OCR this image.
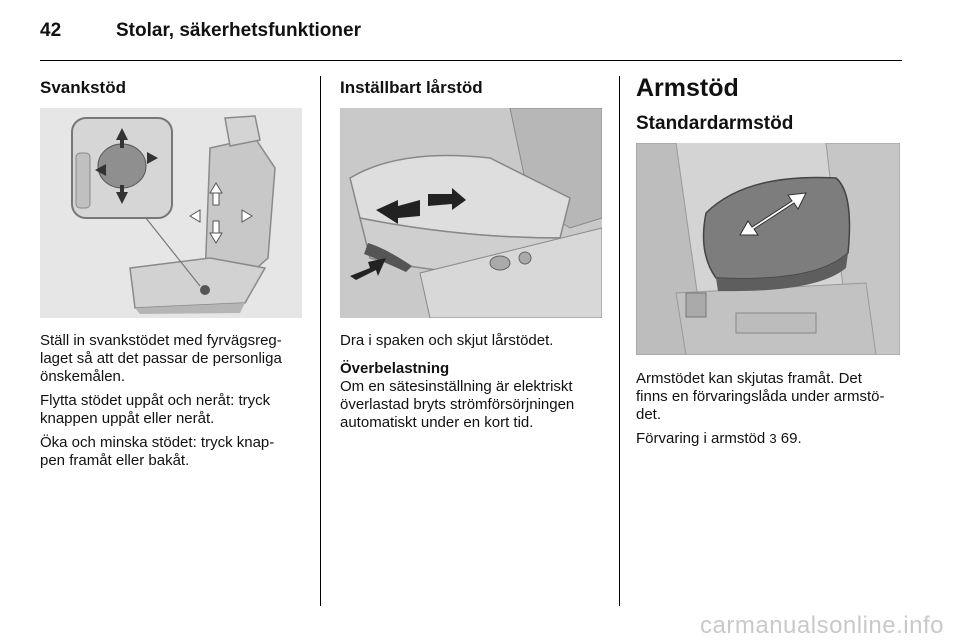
42	Stolar, säkerhetsfunktioner

Svankstöd

Ställ in svankstödet med fyrvägsreg-

laget så att det passar de personliga

önskemålen.

Flytta stödet uppåt och neråt: tryck

knappen uppåt eller neråt.

Öka och minska stödet: tryck knap-

pen framåt eller bakåt.

Inställbart lårstöd

Dra i spaken och skjut lårstödet.

Överbelastning

Om en sätesinställning är elektriskt

överlastad bryts strömförsörjningen

automatiskt under en kort tid.

Armstöd

Standardarmstöd

Armstödet kan skjutas framåt. Det

finns en förvaringslåda under armstö-

det.

Förvaring i armstöd 3 69.

carmanualsonline.info
